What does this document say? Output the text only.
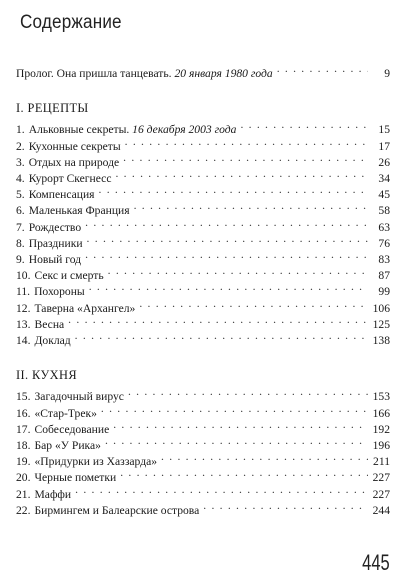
Содержание
Пролог. Она пришла танцевать. 20 января 1980 года . . .	9
I. РЕЦЕПТЫ
1. Альковные секреты. 16 декабря 2003 года . . .	15
2. Кухонные секреты . . .	17
3. Отдых на природе . . .	26
4. Курорт Скегнесс . . .	34
5. Компенсация . . .	45
6. Маленькая Франция . . .	58
7. Рождество . . .	63
8. Праздники . . .	76
9. Новый год . . .	83
10. Секс и смерть . . .	87
11. Похороны . . .	99
12. Таверна «Архангел» . . .	106
13. Весна . . .	125
14. Доклад . . .	138
II. КУХНЯ
15. Загадочный вирус . . .	153
16. «Стар-Трек» . . .	166
17. Собеседование . . .	192
18. Бар «У Рика» . . .	196
19. «Придурки из Хаззарда» . . .	211
20. Черные пометки . . .	227
21. Маффи . . .	227
22. Бирмингем и Балеарские острова . . .	244
445
